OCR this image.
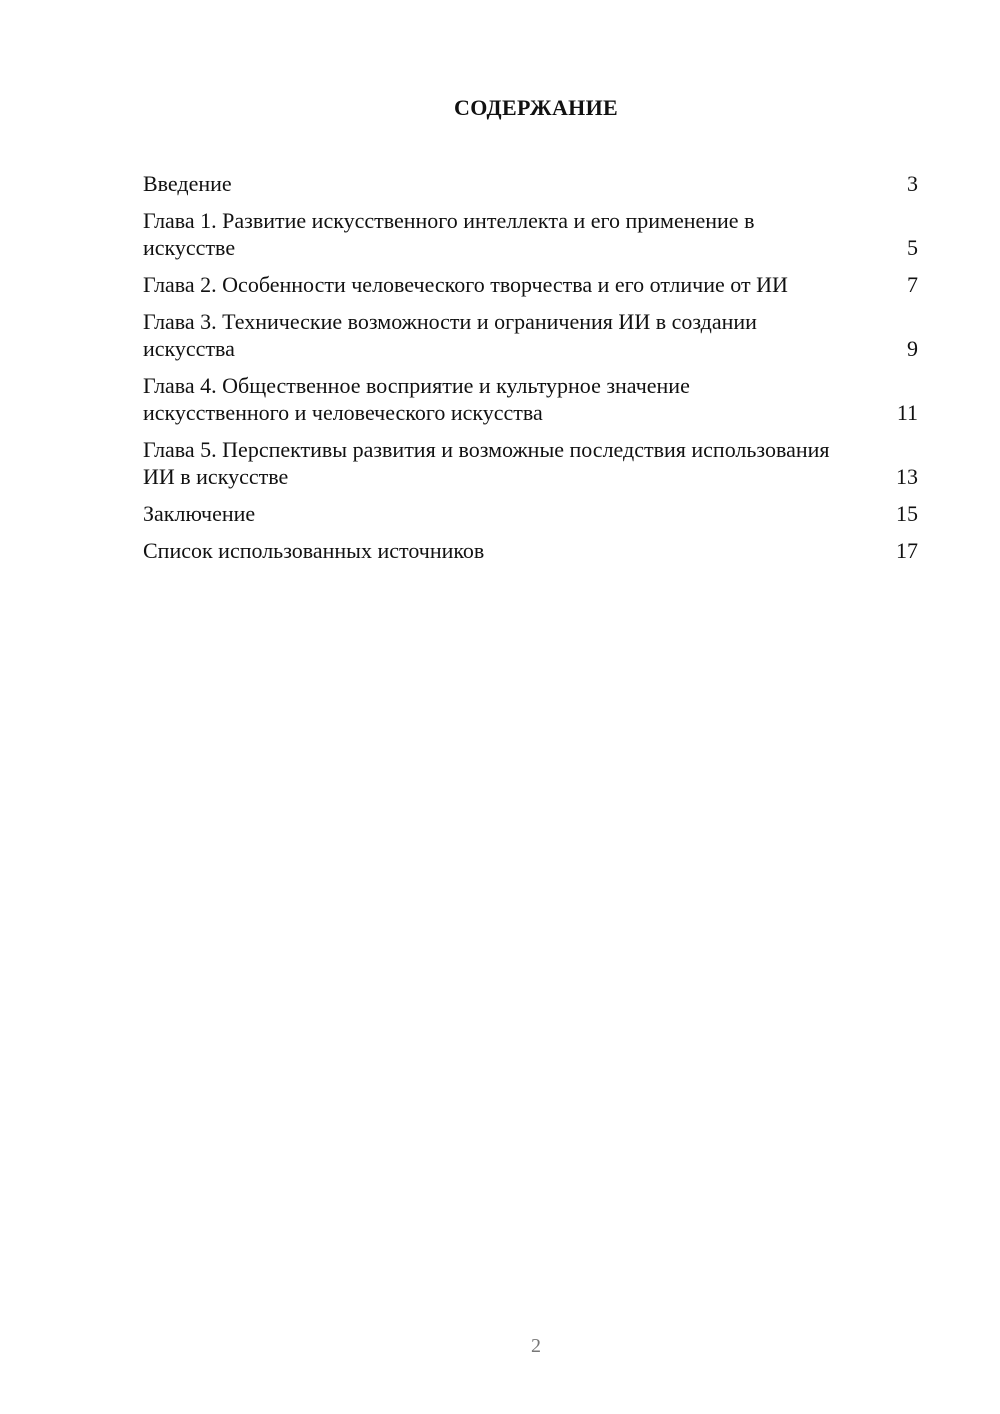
СОДЕРЖАНИЕ
Введение	3
Глава 1. Развитие искусственного интеллекта и его применение в искусстве	5
Глава 2. Особенности человеческого творчества и его отличие от ИИ	7
Глава 3. Технические возможности и ограничения ИИ в создании искусства	9
Глава 4. Общественное восприятие и культурное значение искусственного и человеческого искусства	11
Глава 5. Перспективы развития и возможные последствия использования ИИ в искусстве	13
Заключение	15
Список использованных источников	17
2
